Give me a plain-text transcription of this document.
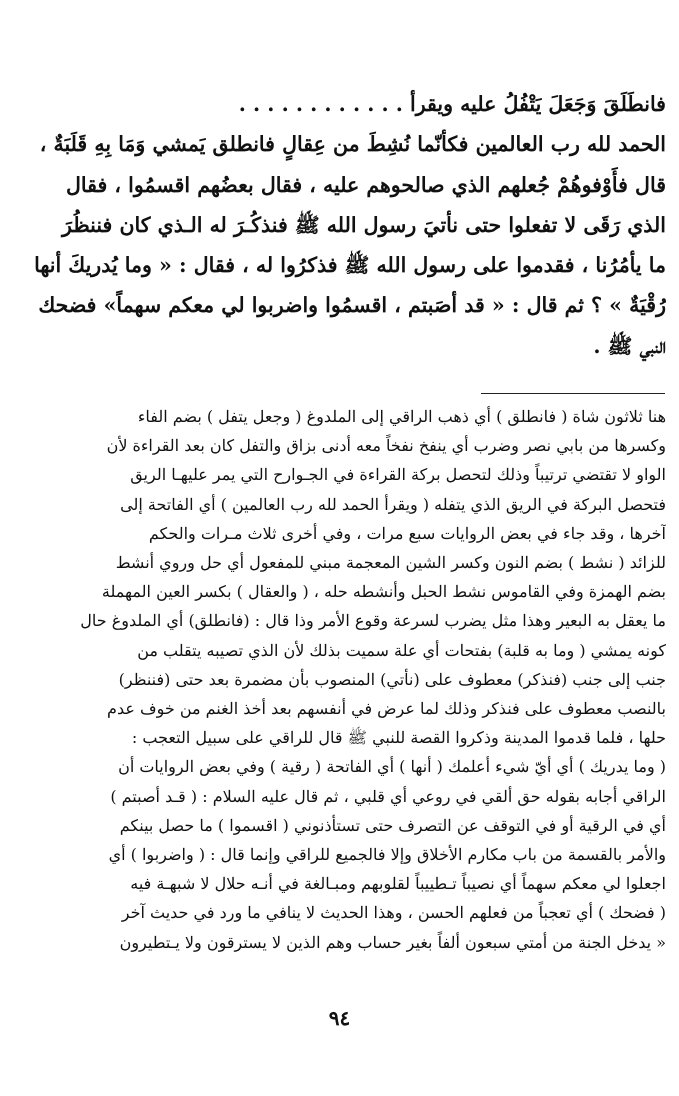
فانطَلَقَ وَجَعَلَ يَتْفُلُ عليه ويقرأ . . . . . . . . . . . .

الحمد لله رب العالمين فكأنّما نُشِطَ من عِقالٍ فانطلق يَمشي وَمَا بِهِ قَلَبَةٌ ،

قال فأَوْفوهُمْ جُعلهم الذي صالحوهم عليه ، فقال بعضُهم اقسمُوا ، فقال

الذي رَقَى لا تفعلوا حتى نأتيَ رسول الله ﷺ فنذكُـرَ له الـذي كان فننظُرَ

ما يأمُرُنا ، فقدموا على رسول الله ﷺ فذكرُوا له ، فقال : « وما يُدريكَ أنها

رُقْيَةٌ » ؟ ثم قال : « قد أصَبتم ، اقسمُوا واضربوا لي معكم سهماً» فضحك

النبي ﷺ .

هنا ثلاثون شاة ( فانطلق ) أي ذهب الراقي إلى الملدوغ ( وجعل يتفل ) بضم الفاء

وكسرها من بابي نصر وضرب أي ينفخ نفخاً معه أدنى بزاق والتفل كان بعد القراءة لأن

الواو لا تقتضي ترتيباً وذلك لتحصل بركة القراءة في الجـوارح التي يمر عليهـا الريق

فتحصل البركة في الريق الذي يتفله ( ويقرأ الحمد لله رب العالمين ) أي الفاتحة إلى

آخرها ، وقد جاء في بعض الروايات سبع مرات ، وفي أخرى ثلاث مـرات والحكم

للزائد ( نشط ) بضم النون وكسر الشين المعجمة مبني للمفعول أي حل وروي أنشط

بضم الهمزة وفي القاموس نشط الحبل وأنشطه حله ، ( والعقال ) بكسر العين المهملة

ما يعقل به البعير وهذا مثل يضرب لسرعة وقوع الأمر وذا قال : (فانطلق) أي الملدوغ حال

كونه يمشي ( وما به قلبة) بفتحات أي علة سميت بذلك لأن الذي تصيبه يتقلب من

جنب إلى جنب (فنذكر) معطوف على (نأتي) المنصوب بأن مضمرة بعد حتى (فننظر)

بالنصب معطوف على فنذكر وذلك لما عرض في أنفسهم بعد أخذ الغنم من خوف عدم

حلها ، فلما قدموا المدينة وذكروا القصة للنبي ﷺ قال للراقي على سبيل التعجب :

( وما يدريك ) أي أيّ شيء أعلمك ( أنها ) أي الفاتحة ( رقية ) وفي بعض الروايات أن

الراقي أجابه بقوله حق ألقي في روعي أي قلبي ، ثم قال عليه السلام : ( قـد أصبتم )

أي في الرقية أو في التوقف عن التصرف حتى تستأذنوني ( اقسموا ) ما حصل بينكم

والأمر بالقسمة من باب مكارم الأخلاق وإلا فالجميع للراقي وإنما قال : ( واضربوا ) أي

اجعلوا لي معكم سهماً أي نصيباً تـطييباً لقلوبهم ومبـالغة في أنـه حلال لا شبهـة فيه

( فضحك ) أي تعجباً من فعلهم الحسن ، وهذا الحديث لا ينافي ما ورد في حديث آخر

« يدخل الجنة من أمتي سبعون ألفاً بغير حساب وهم الذين لا يسترقون ولا يـتطيرون

٩٤
